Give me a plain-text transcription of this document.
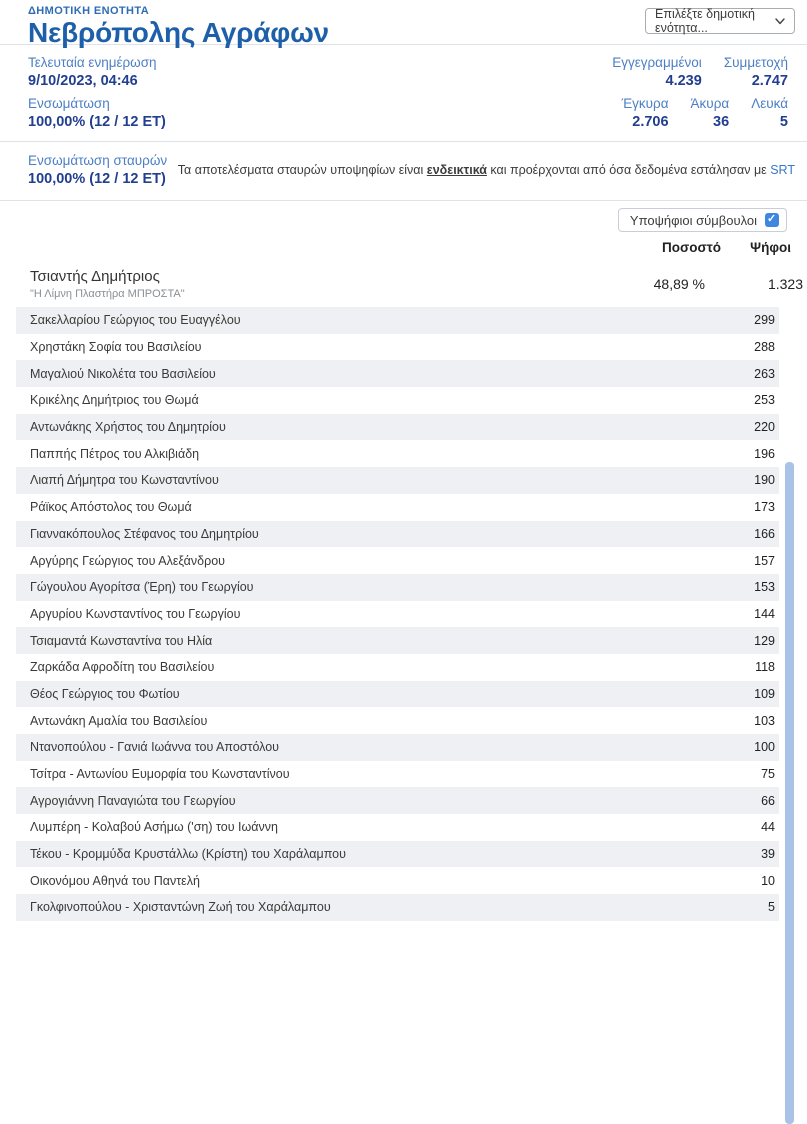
ΔΗΜΟΤΙΚΗ ΕΝΟΤΗΤΑ
Νεβρόπολης Αγράφων
Επιλέξτε δημοτική ενότητα...
Τελευταία ενημέρωση
9/10/2023, 04:46
Εγγεγραμμένοι
4.239
Συμμετοχή
2.747
Ενσωμάτωση
100,00% (12 / 12 ΕΤ)
Έγκυρα
2.706
Άκυρα
36
Λευκά
5
Ενσωμάτωση σταυρών
100,00% (12 / 12 ΕΤ)
Τα αποτελέσματα σταυρών υποψηφίων είναι ενδεικτικά και προέρχονται από όσα δεδομένα εστάλησαν με SRT
Υποψήφιοι σύμβουλοι
✓
Ποσοστό	Ψήφοι
Τσιαντής Δημήτριος
"Η Λίμνη Πλαστήρα ΜΠΡΟΣΤΑ"
48,89 %	1.323
Σακελλαρίου Γεώργιος του Ευαγγέλου	299
Χρηστάκη Σοφία του Βασιλείου	288
Μαγαλιού Νικολέτα του Βασιλείου	263
Κρικέλης Δημήτριος του Θωμά	253
Αντωνάκης Χρήστος του Δημητρίου	220
Παππής Πέτρος του Αλκιβιάδη	196
Λιαπή Δήμητρα του Κωνσταντίνου	190
Ράϊκος Απόστολος του Θωμά	173
Γιαννακόπουλος Στέφανος του Δημητρίου	166
Αργύρης Γεώργιος του Αλεξάνδρου	157
Γώγουλου Αγορίτσα (Έρη) του Γεωργίου	153
Αργυρίου Κωνσταντίνος του Γεωργίου	144
Τσιαμαντά Κωνσταντίνα του Ηλία	129
Ζαρκάδα Αφροδίτη του Βασιλείου	118
Θέος Γεώργιος του Φωτίου	109
Αντωνάκη Αμαλία του Βασιλείου	103
Ντανοπούλου - Γανιά Ιωάννα του Αποστόλου	100
Τσίτρα - Αντωνίου Ευμορφία του Κωνσταντίνου	75
Αγρογιάννη Παναγιώτα του Γεωργίου	66
Λυμπέρη - Κολαβού Ασήμω ('ση) του Ιωάννη	44
Τέκου - Κρομμύδα Κρυστάλλω (Κρίστη) του Χαράλαμπου	39
Οικονόμου Αθηνά του Παντελή	10
Γκολφινοπούλου - Χρισταντώνη Ζωή του Χαράλαμπου	5
